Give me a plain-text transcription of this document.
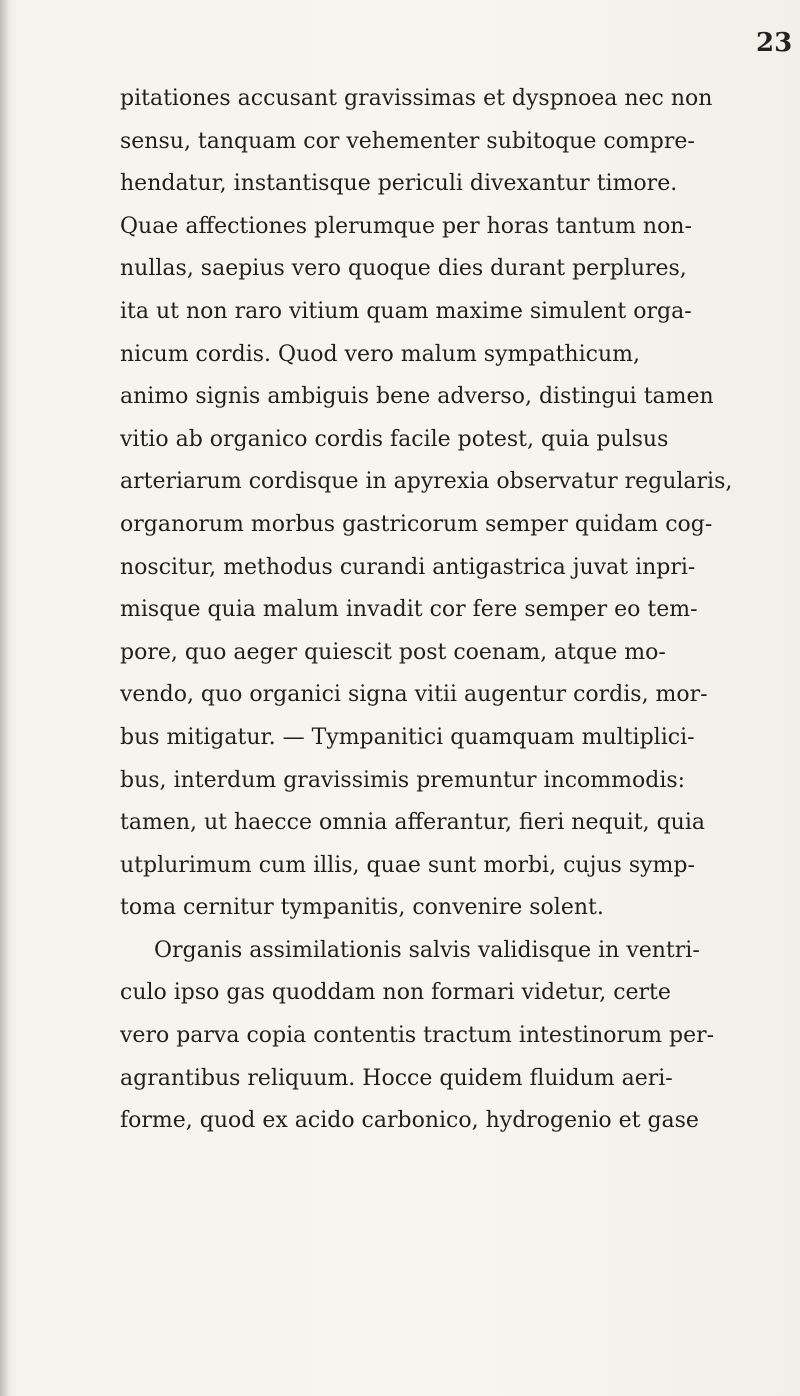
23
pitationes accusant gravissimas et dyspnoea nec non
sensu, tanquam cor vehementer subitoque compre-
hendatur, instantisque periculi divexantur timore.
Quae affectiones plerumque per horas tantum non-
nullas, saepius vero quoque dies durant perplures,
ita ut non raro vitium quam maxime simulent orga-
nicum cordis. Quod vero malum sympathicum,
animo signis ambiguis bene adverso, distingui tamen
vitio ab organico cordis facile potest, quia pulsus
arteriarum cordisque in apyrexia observatur regularis,
organorum morbus gastricorum semper quidam cog-
noscitur, methodus curandi antigastrica juvat inpri-
misque quia malum invadit cor fere semper eo tem-
pore, quo aeger quiescit post coenam, atque mo-
vendo, quo organici signa vitii augentur cordis, mor-
bus mitigatur. — Tympanitici quamquam multiplici-
bus, interdum gravissimis premuntur incommodis:
tamen, ut haecce omnia afferantur, fieri nequit, quia
utplurimum cum illis, quae sunt morbi, cujus symp-
toma cernitur tympanitis, convenire solent.
Organis assimilationis salvis validisque in ventri-
culo ipso gas quoddam non formari videtur, certe
vero parva copia contentis tractum intestinorum per-
agrantibus reliquum. Hocce quidem fluidum aeri-
forme, quod ex acido carbonico, hydrogenio et gase
